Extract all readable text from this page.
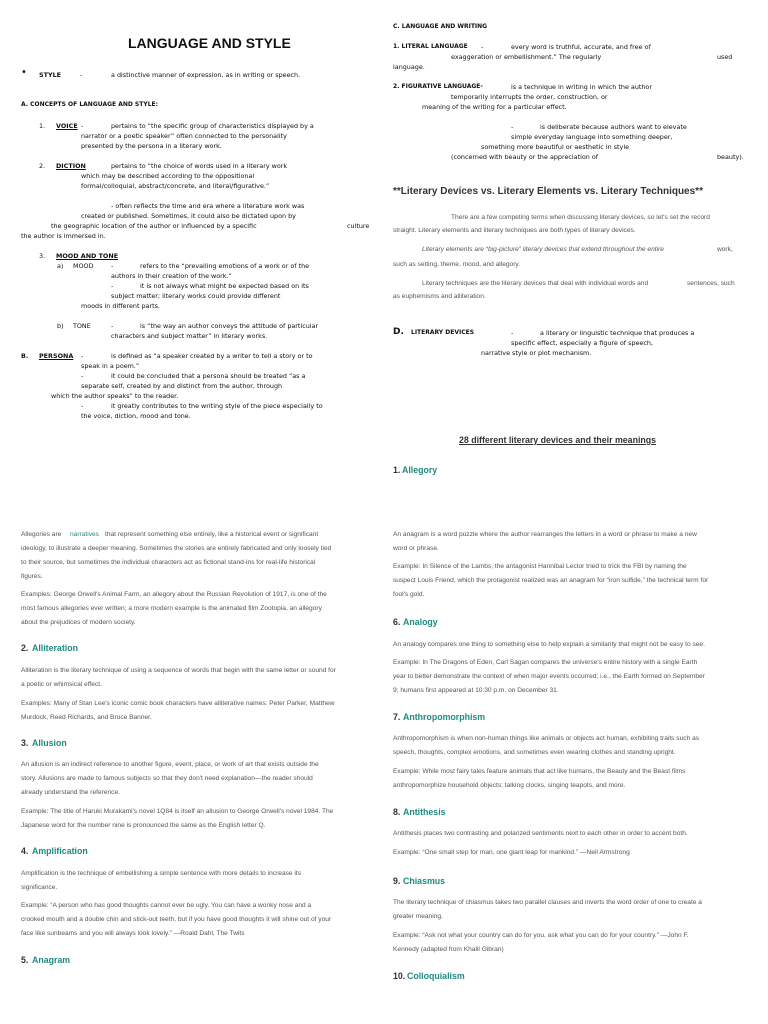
LANGUAGE AND STYLE
• STYLE	-	a distinctive manner of expression, as in writing or speech.
A. CONCEPTS OF LANGUAGE AND STYLE:
1. VOICE -	pertains to “the specific group of characteristics displayed by a
narrator or a poetic speaker” often connected to the personality
presented by the persona in a literary work.
2. DICTION	pertains to “the choice of words used in a literary work
which may be described according to the oppositional
formal/colloquial, abstract/concrete, and literal/figurative.”
- often reflects the time and era where a literature work was
created or published. Sometimes, it could also be dictated upon by
the geographic location of the author or influenced by a specific	culture
the author is immersed in.
3. MOOD AND TONE
a) MOOD	-	refers to the “prevailing emotions of a work or of the
authors in their creation of the work.”
-	it is not always what might be expected based on its
subject matter; literary works could provide different
moods in different parts.
b) TONE	-	is “the way an author conveys the attitude of particular
characters and subject matter” in literary works.
B. PERSONA -	is defined as “a speaker created by a writer to tell a story or to
speak in a poem.”
-	it could be concluded that a persona should be treated “as a
separate self, created by and distinct from the author, through
which the author speaks” to the reader.
-	it greatly contributes to the writing style of the piece especially to
the voice, diction, mood and tone.
C. LANGUAGE AND WRITING
1. LITERAL LANGUAGE -	every word is truthful, accurate, and free of
exaggeration or embellishment.” The regularly	used
language.
2. FIGURATIVE LANGUAGE-	is a technique in writing in which the author
temporarily interrupts the order, construction, or
meaning of the writing for a particular effect.
-	is deliberate because authors want to elevate
simple everyday language into something deeper,
something more beautiful or aesthetic in style
(concerned with beauty or the appreciation of	beauty).
**Literary Devices vs. Literary Elements vs. Literary Techniques**
There are a few competing terms when discussing literary devices, so let's set the record
straight. Literary elements and literary techniques are both types of literary devices.
Literary elements are “big-picture” literary devices that extend throughout the entire	work,
such as setting, theme, mood, and allegory.
Literary techniques are the literary devices that deal with individual words and	sentences, such
as euphemisms and alliteration.
D. LITERARY DEVICES	-	a literary or linguistic technique that produces a
specific effect, especially a figure of speech,
narrative style or plot mechanism.
28 different literary devices and their meanings
1. Allegory
Allegories are narratives that represent something else entirely, like a historical event or significant
ideology, to illustrate a deeper meaning. Sometimes the stories are entirely fabricated and only loosely tied
to their source, but sometimes the individual characters act as fictional stand-ins for real-life historical
figures.
Examples: George Orwell's Animal Farm, an allegory about the Russian Revolution of 1917, is one of the
most famous allegories ever written; a more modern example is the animated film Zootopia, an allegory
about the prejudices of modern society.
2. Alliteration
Alliteration is the literary technique of using a sequence of words that begin with the same letter or sound for
a poetic or whimsical effect.
Examples: Many of Stan Lee's iconic comic book characters have alliterative names: Peter Parker, Matthew
Murdock, Reed Richards, and Bruce Banner.
3. Allusion
An allusion is an indirect reference to another figure, event, place, or work of art that exists outside the
story. Allusions are made to famous subjects so that they don't need explanation—the reader should
already understand the reference.
Example: The title of Haruki Murakami's novel 1Q84 is itself an allusion to George Orwell's novel 1984. The
Japanese word for the number nine is pronounced the same as the English letter Q.
4. Amplification
Amplification is the technique of embellishing a simple sentence with more details to increase its
significance.
Example: “A person who has good thoughts cannot ever be ugly. You can have a wonky nose and a
crooked mouth and a double chin and stick-out teeth, but if you have good thoughts it will shine out of your
face like sunbeams and you will always look lovely.” —Roald Dahl, The Twits
5. Anagram
An anagram is a word puzzle where the author rearranges the letters in a word or phrase to make a new
word or phrase.
Example: In Silence of the Lambs, the antagonist Hannibal Lector tried to trick the FBI by naming the
suspect Louis Friend, which the protagonist realized was an anagram for “iron sulfide,” the technical term for
fool's gold.
6. Analogy
An analogy compares one thing to something else to help explain a similarity that might not be easy to see.
Example: In The Dragons of Eden, Carl Sagan compares the universe's entire history with a single Earth
year to better demonstrate the context of when major events occurred; i.e., the Earth formed on September
9; humans first appeared at 10:30 p.m. on December 31.
7. Anthropomorphism
Anthropomorphism is when non-human things like animals or objects act human, exhibiting traits such as
speech, thoughts, complex emotions, and sometimes even wearing clothes and standing upright.
Example: While most fairy tales feature animals that act like humans, the Beauty and the Beast films
anthropomorphize household objects: talking clocks, singing teapots, and more.
8. Antithesis
Antithesis places two contrasting and polarized sentiments next to each other in order to accent both.
Example: “One small step for man, one giant leap for mankind.” —Neil Armstrong
9. Chiasmus
The literary technique of chiasmus takes two parallel clauses and inverts the word order of one to create a
greater meaning.
Example: “Ask not what your country can do for you, ask what you can do for your country.” —John F.
Kennedy (adapted from Khalil Gibran)
10. Colloquialism
